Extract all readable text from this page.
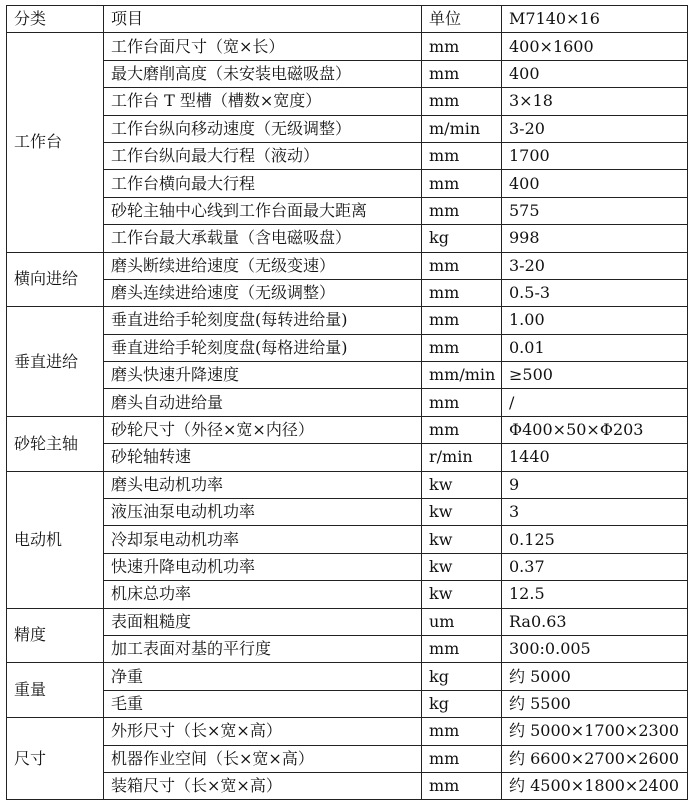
分类	项目	单位	M7140×16
工作台	工作台面尺寸（宽×长）	mm	400×1600
	最大磨削高度（未安装电磁吸盘）	mm	400
	工作台 T 型槽（槽数×宽度）	mm	3×18
	工作台纵向移动速度（无级调整）	m/min	3-20
	工作台纵向最大行程（液动）	mm	1700
	工作台横向最大行程	mm	400
	砂轮主轴中心线到工作台面最大距离	mm	575
	工作台最大承载量（含电磁吸盘）	kg	998
横向进给	磨头断续进给速度（无级变速）	mm	3-20
	磨头连续进给速度（无级调整）	mm	0.5-3
垂直进给	垂直进给手轮刻度盘(每转进给量)	mm	1.00
	垂直进给手轮刻度盘(每格进给量)	mm	0.01
	磨头快速升降速度	mm/min	≥500
	磨头自动进给量	mm	/
砂轮主轴	砂轮尺寸（外径×宽×内径）	mm	Φ400×50×Φ203
	砂轮轴转速	r/min	1440
电动机	磨头电动机功率	kw	9
	液压油泵电动机功率	kw	3
	冷却泵电动机功率	kw	0.125
	快速升降电动机功率	kw	0.37
	机床总功率	kw	12.5
精度	表面粗糙度	um	Ra0.63
	加工表面对基的平行度	mm	300:0.005
重量	净重	kg	约 5000
	毛重	kg	约 5500
尺寸	外形尺寸（长×宽×高）	mm	约 5000×1700×2300
	机器作业空间（长×宽×高）	mm	约 6600×2700×2600
	装箱尺寸（长×宽×高）	mm	约 4500×1800×2400
